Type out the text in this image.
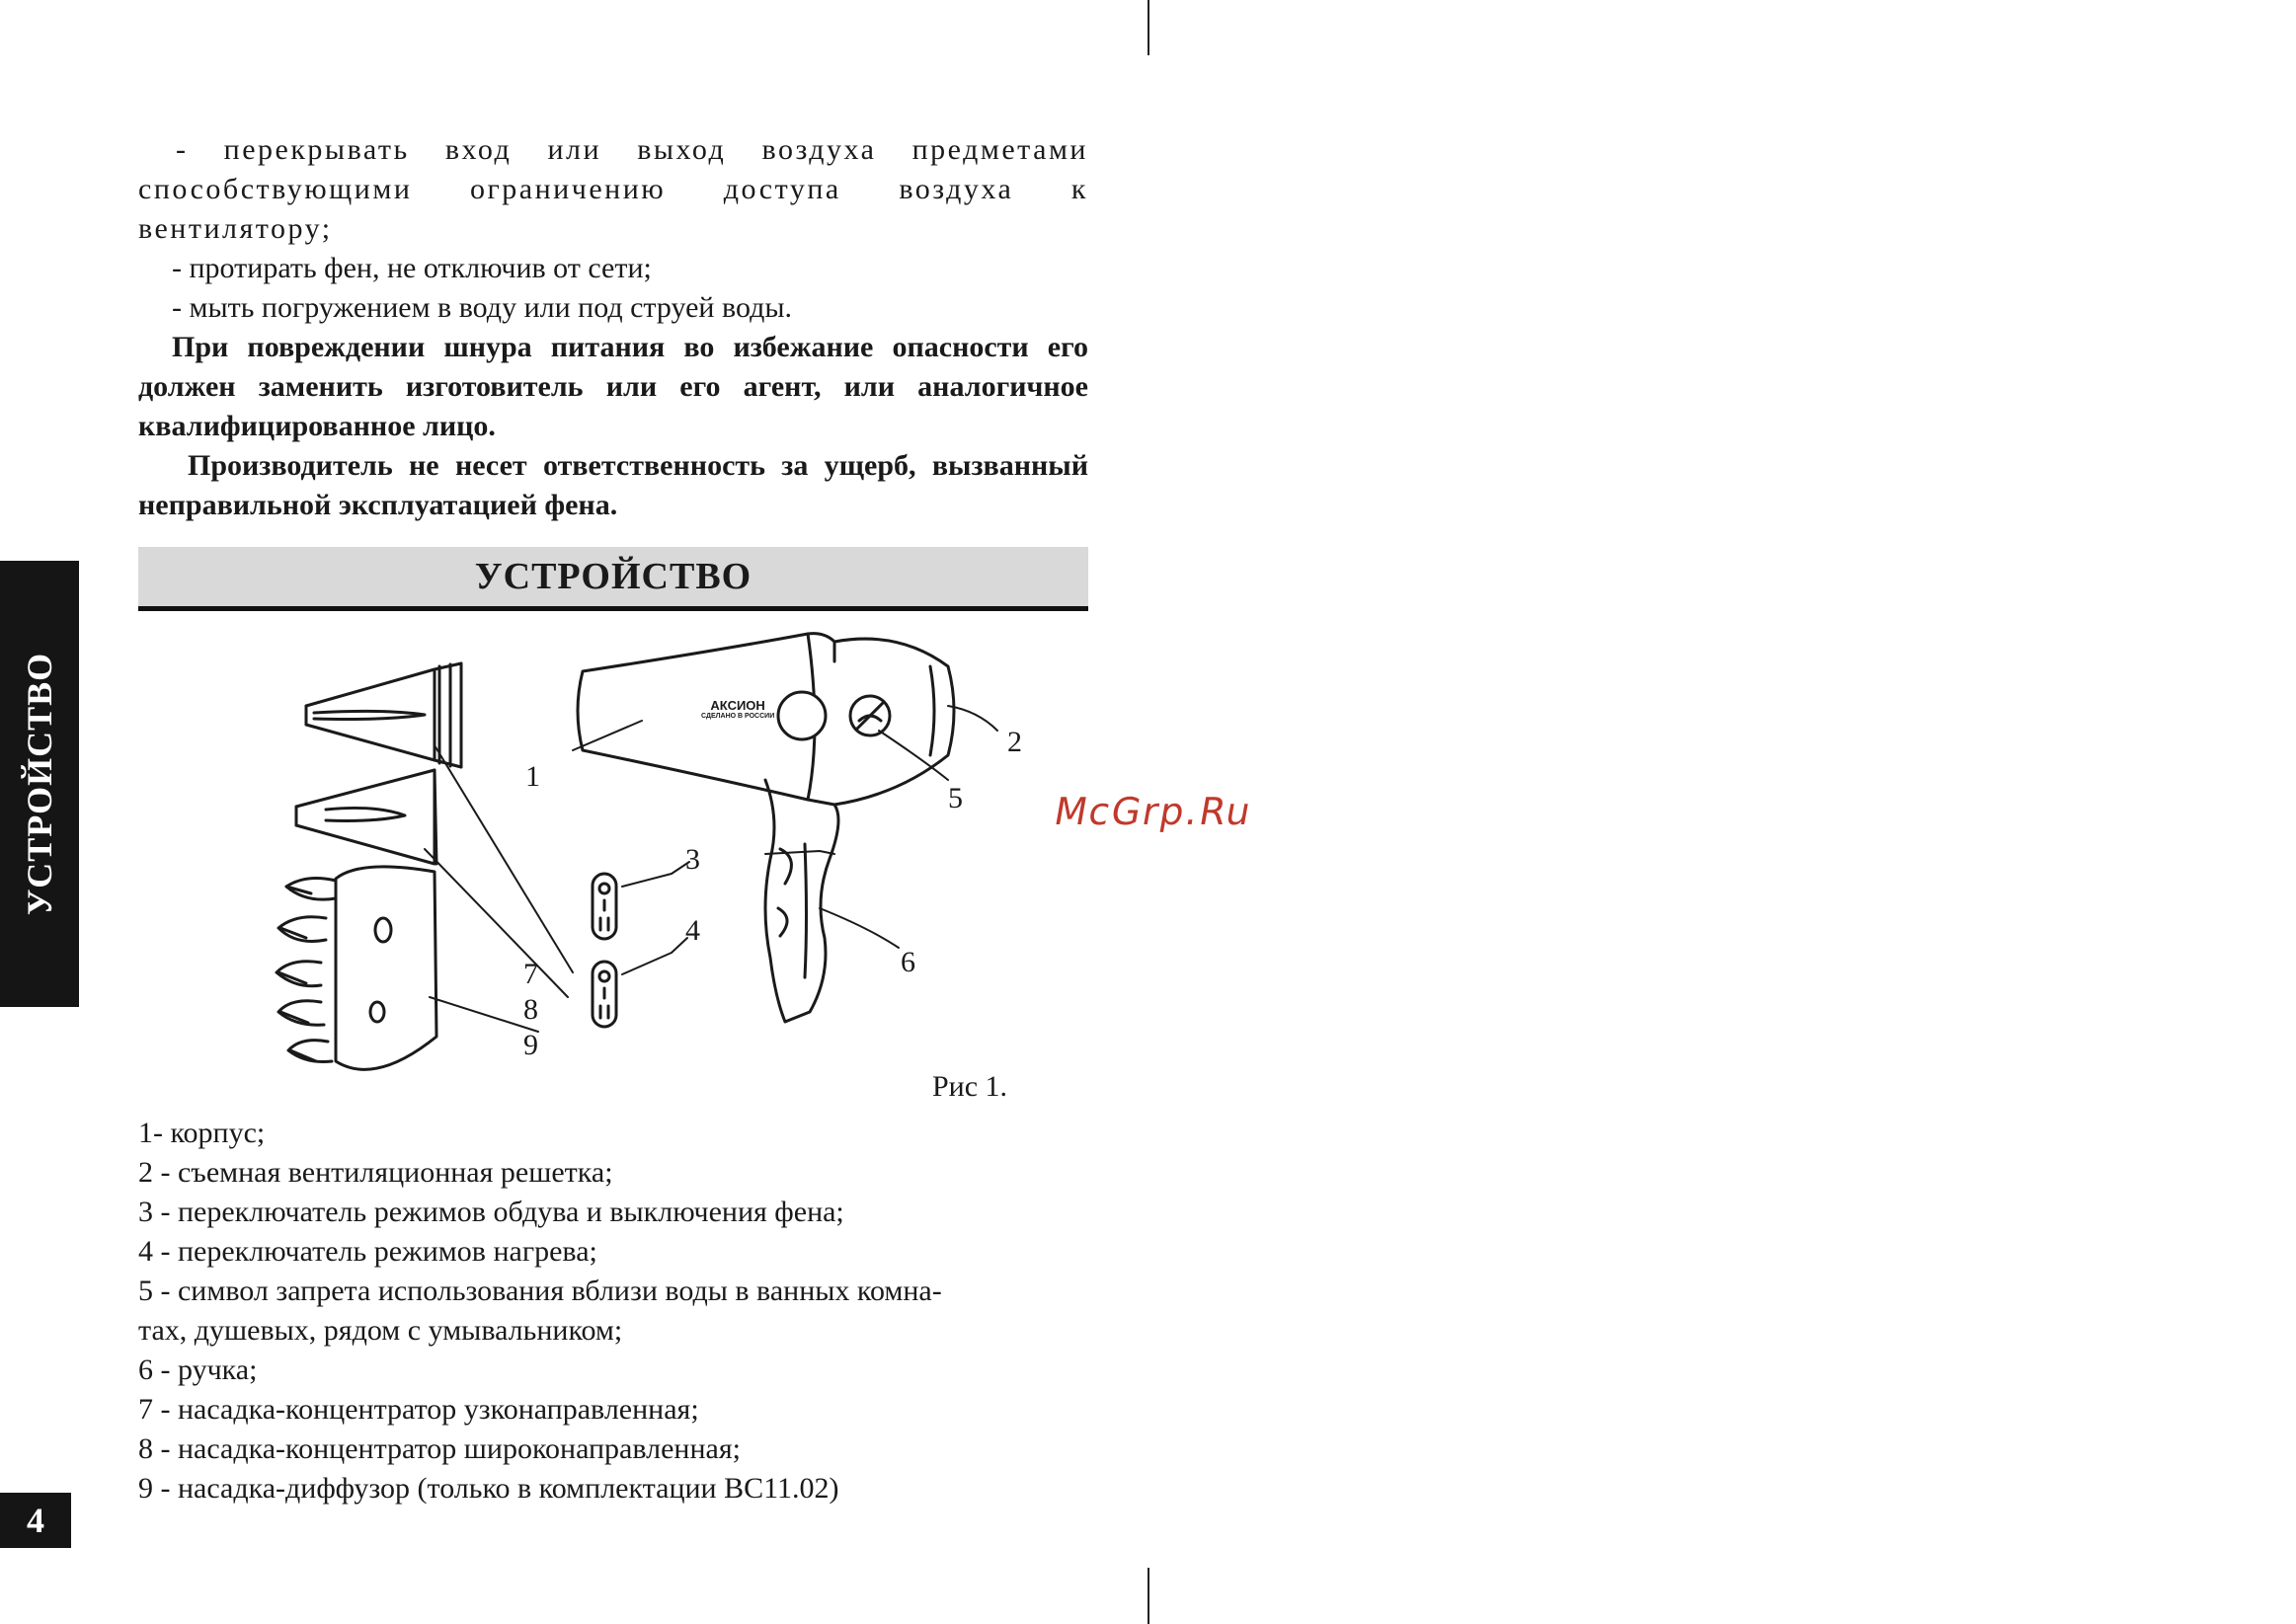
- перекрывать вход или выход воздуха предметами способствующими ограничению доступа воздуха к вентилятору;

- протирать фен, не отключив от сети;

- мыть погружением в воду или под струей воды.

При повреждении шнура питания во избежание опасности его должен заменить изготовитель или его агент, или аналогичное квалифицированное лицо.

Производитель не несет ответственность за ущерб, вызванный неправильной эксплуатацией фена.

УСТРОЙСТВО
УСТРОЙСТВО
4
McGrp.Ru
1
2
3
4
5
6
7
8
9
АКСИОН
СДЕЛАНО В РОССИИ
Рис 1.

1- корпус;

2 - съемная вентиляционная решетка;

3 - переключатель режимов обдува и выключения фена;

4 - переключатель режимов нагрева;

5 - символ запрета использования вблизи воды в ванных комна-

тах, душевых, рядом с умывальником;

6 - ручка;

7 - насадка-концентратор узконаправленная;

8 - насадка-концентратор широконаправленная;

9 - насадка-диффузор (только в комплектации ВС11.02)
